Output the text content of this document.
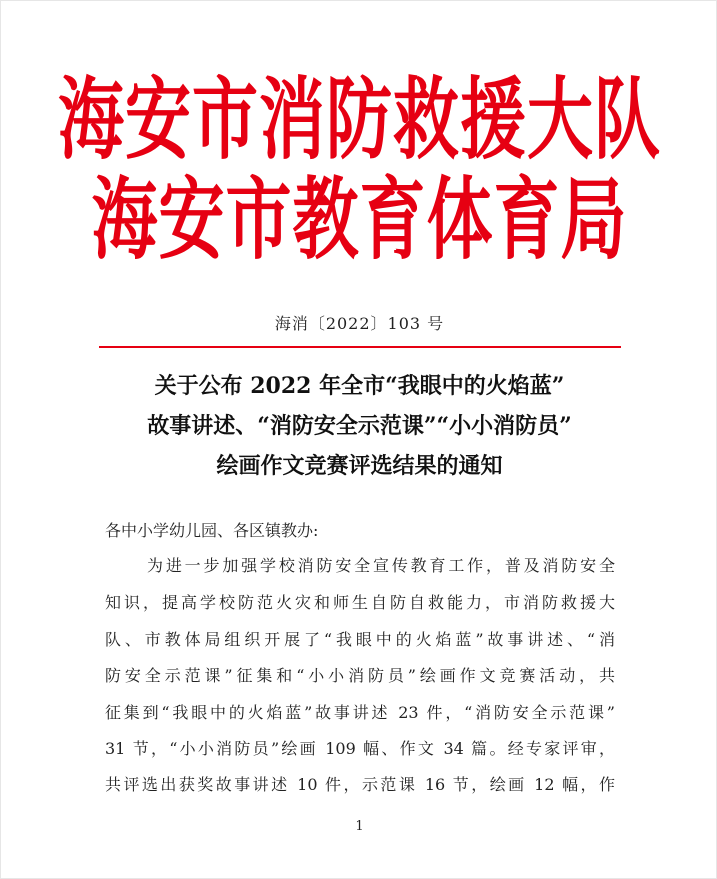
海安市消防救援大队
海安市教育体育局
海消〔2022〕103 号
关于公布 2022 年全市“我眼中的火焰蓝”
故事讲述、“消防安全示范课”“小小消防员”
绘画作文竞赛评选结果的通知
各中小学幼儿园、各区镇教办:
为进一步加强学校消防安全宣传教育工作，普及消防安全
知识，提高学校防范火灾和师生自防自救能力，市消防救援大
队、市教体局组织开展了“我眼中的火焰蓝”故事讲述、“消
防安全示范课”征集和“小小消防员”绘画作文竞赛活动，共
征集到“我眼中的火焰蓝”故事讲述 23 件，“消防安全示范课”
31 节，“小小消防员”绘画 109 幅、作文 34 篇。经专家评审，
共评选出获奖故事讲述 10 件，示范课 16 节，绘画 12 幅，作
1
